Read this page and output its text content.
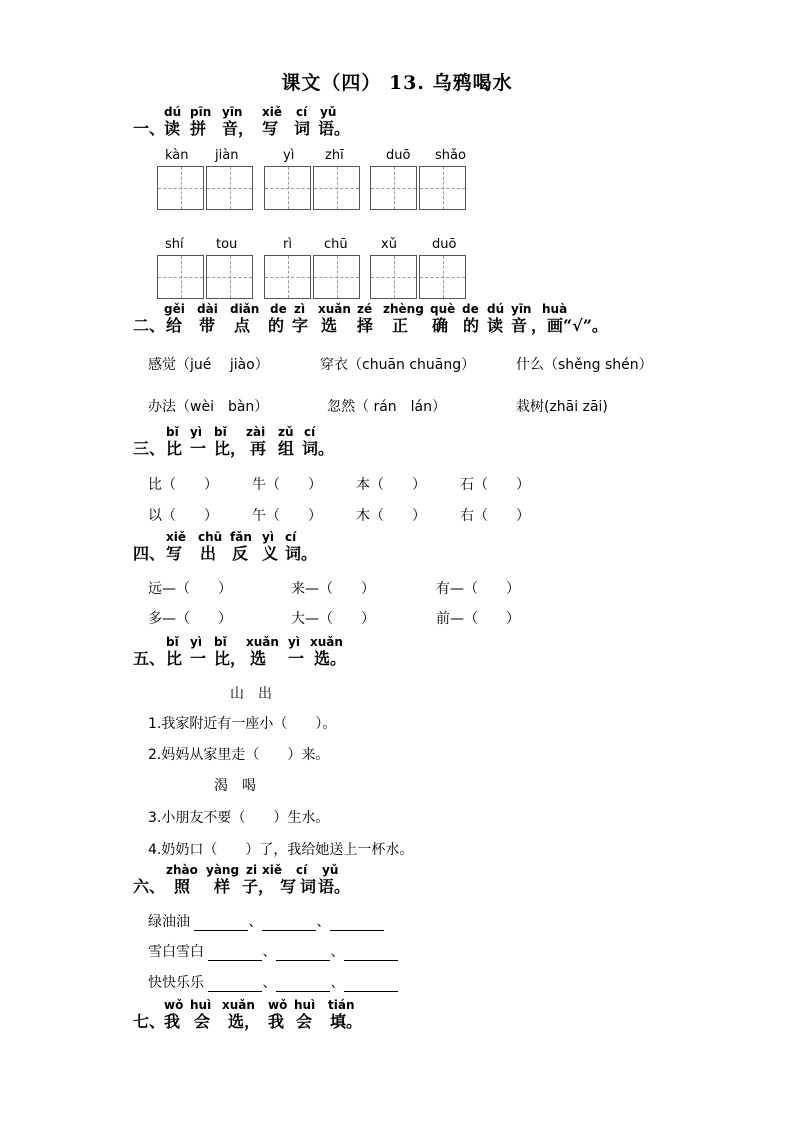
课文（四） 13. 乌鸦喝水
一、
dú pīn yīn xiě cí yǔ
读 拼 音， 写 词 语。
kàn jiàn	yì zhī	duō shǎo
shí tou	rì chū	xǔ	duō
二、
gěi dài diǎn de zì xuǎn zé zhèng què de dú yīn huà
给 带 点 的 字 选 择 正 确 的 读 音 ，画“√”。
感觉（jué　 jiào）	穿衣（chuān chuāng）	什么（shěng shén）
办法（wèi　bàn）	忽然（ rán　lán）	栽树(zhāi zāi)
三、
bǐ yì bǐ zài zǔ cí
比 一 比， 再 组 词。
比（　　） 牛（　　） 本（　　） 石（　　）
以（　　） 午（　　） 木（　　） 右（　　）
四、
xiě chū fǎn yì cí
写 出 反 义 词。
远—（　　）	来—（　　）	有—（　　）
多—（　　）	大—（　　）	前—（　　）
五、
bǐ yì bǐ xuǎn yì xuǎn
比 一 比， 选 一 选。
山　出
1.我家附近有一座小（　　）。
2.妈妈从家里走（　　）来。
渴　喝
3.小朋友不要（　　）生水。
4.奶奶口（　　）了，我给她送上一杯水。
六、
zhào yàng zi xiě cí yǔ
照 样 子， 写 词 语。
绿油油	、	、
雪白雪白	、	、
快快乐乐	、	、
七、
wǒ huì xuǎn wǒ huì tián
我 会 选， 我 会 填。
